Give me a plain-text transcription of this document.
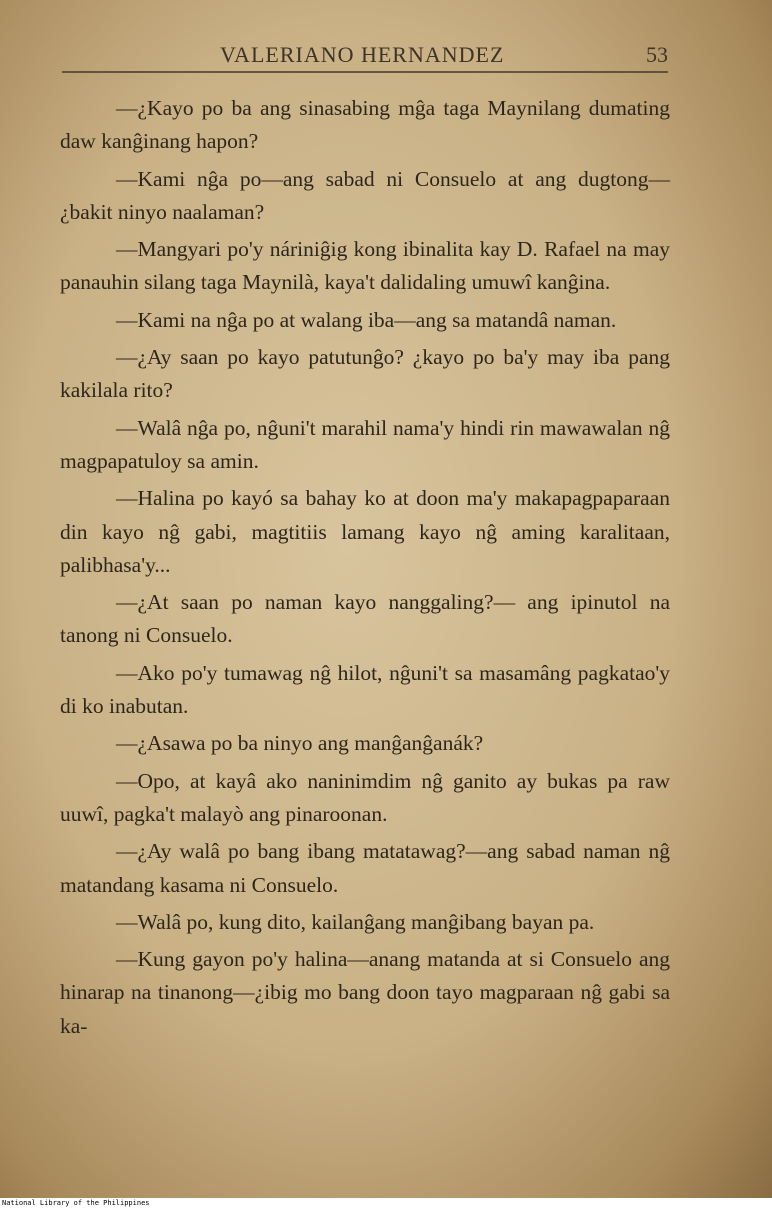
VALERIANO HERNANDEZ	53

—¿Kayo po ba ang sinasabing mĝa taga Maynilang dumating daw kanĝinang hapon?

—Kami nĝa po—ang sabad ni Consuelo at ang dugtong—¿bakit ninyo naalaman?

—Mangyari po'y náriniĝig kong ibinalita kay D. Rafael na may panauhin silang taga Maynilà, kaya't dalidaling umuwî kanĝina.

—Kami na nĝa po at walang iba—ang sa matandâ naman.

—¿Ay saan po kayo patutunĝo? ¿kayo po ba'y may iba pang kakilala rito?

—Walâ nĝa po, nĝuni't marahil nama'y hindi rin mawawalan nĝ magpapatuloy sa amin.

—Halina po kayó sa bahay ko at doon ma'y makapagpaparaan din kayo nĝ gabi, magtitiis lamang kayo nĝ aming karalitaan, palibhasa'y...

—¿At saan po naman kayo nanggaling?— ang ipinutol na tanong ni Consuelo.

—Ako po'y tumawag nĝ hilot, nĝuni't sa masamâng pagkatao'y di ko inabutan.

—¿Asawa po ba ninyo ang manĝanĝanák?

—Opo, at kayâ ako naninimdim nĝ ganito ay bukas pa raw uuwî, pagka't malayò ang pinaroonan.

—¿Ay walâ po bang ibang matatawag?—ang sabad naman nĝ matandang kasama ni Consuelo.

—Walâ po, kung dito, kailanĝang manĝibang bayan pa.

—Kung gayon po'y halina—anang matanda at si Consuelo ang hinarap na tinanong—¿ibig mo bang doon tayo magparaan nĝ gabi sa ka-

National Library of the Philippines
